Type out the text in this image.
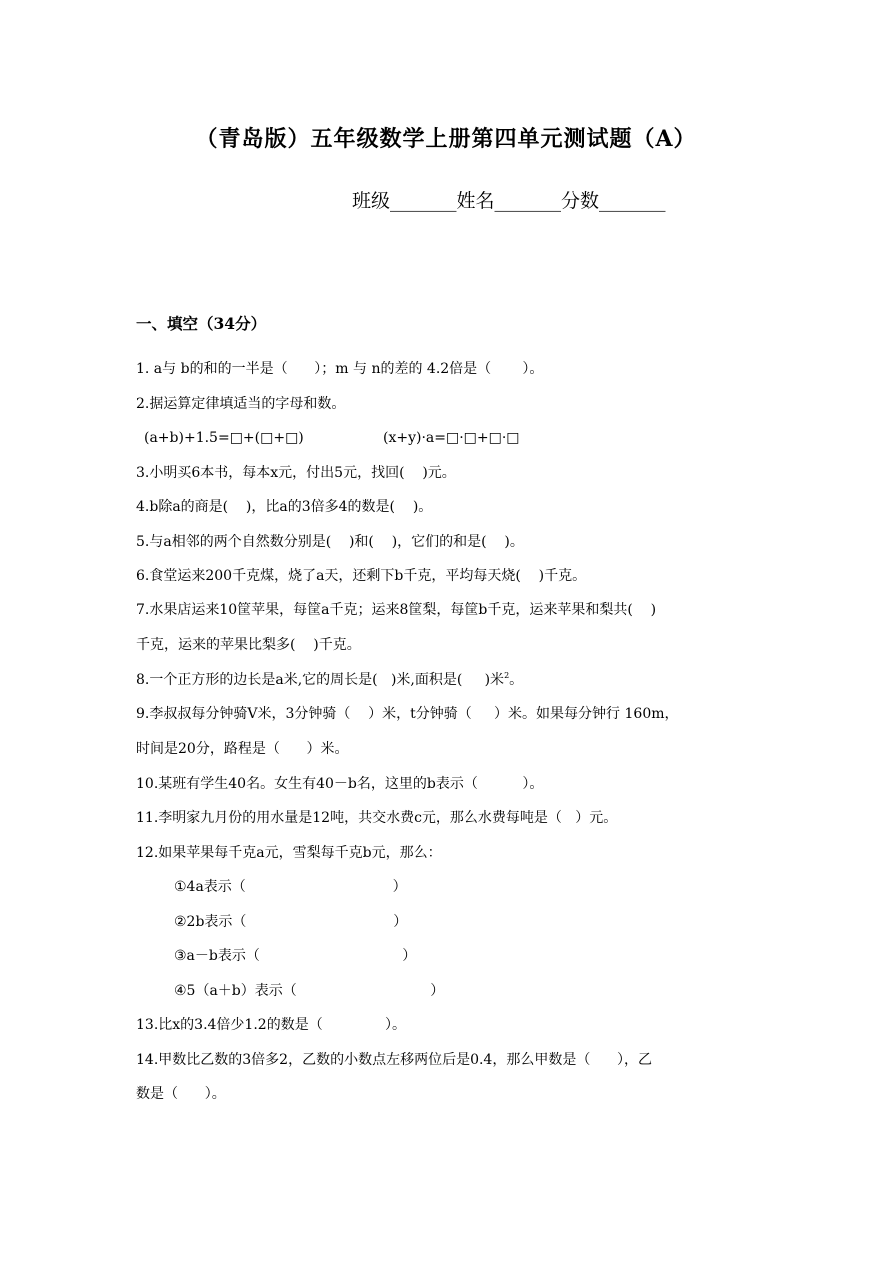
（青岛版）五年级数学上册第四单元测试题（A）
班级_______姓名_______分数_______
一、填空（34分）
1. a与 b的和的一半是（      ）；m 与 n的差的 4.2倍是（       ）。
2.据运算定律填适当的字母和数。
(a+b)+1.5=□+(□+□)	(x+y)·a=□·□+□·□
3.小明买6本书，每本x元，付出5元，找回(    )元。
4.b除a的商是(    )，比a的3倍多4的数是(    )。
5.与a相邻的两个自然数分别是(    )和(    )，它们的和是(    )。
6.食堂运来200千克煤，烧了a天，还剩下b千克，平均每天烧(    )千克。
7.水果店运来10筐苹果，每筐a千克；运来8筐梨，每筐b千克，运来苹果和梨共(    )
千克，运来的苹果比梨多(    )千克。
8.一个正方形的边长是a米,它的周长是(   )米,面积是(     )米$^2$。
9.李叔叔每分钟骑V米，3分钟骑（    ）米，t分钟骑（     ）米。如果每分钟行 160m，
时间是20分，路程是（      ）米。
10.某班有学生40名。女生有40－b名，这里的b表示（          ）。
11.李明家九月份的用水量是12吨，共交水费c元，那么水费每吨是（   ）元。
12.如果苹果每千克a元，雪梨每千克b元，那么：
①4a表示（                                 ）
②2b表示（                                 ）
③a－b表示（                                ）
④5（a＋b）表示（                              ）
13.比x的3.4倍少1.2的数是（              ）。
14.甲数比乙数的3倍多2，乙数的小数点左移两位后是0.4，那么甲数是（      ），乙
数是（      ）。
